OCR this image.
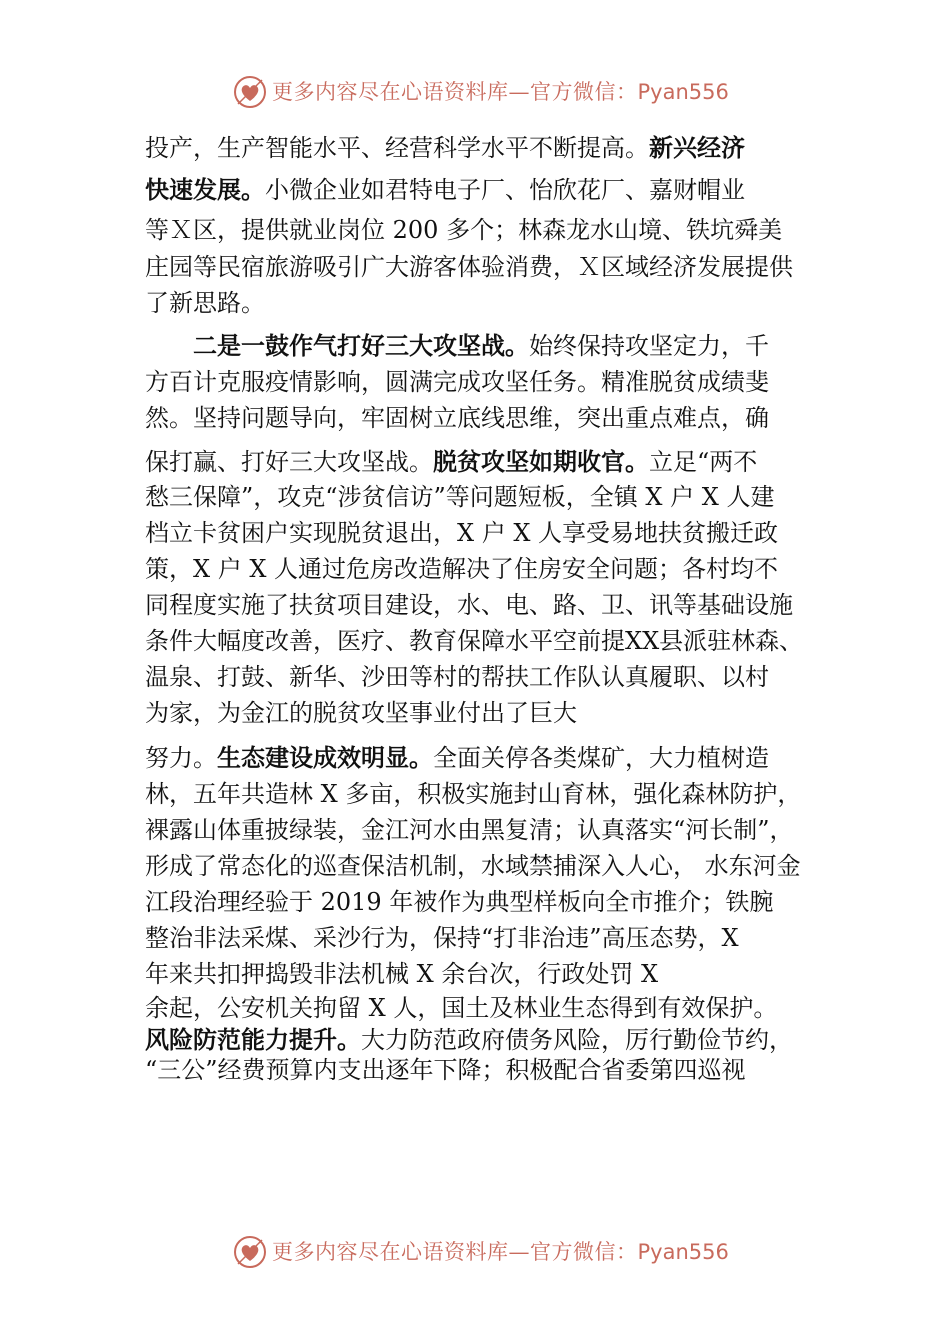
更多内容尽在心语资料库—官方微信：Pyan556
投产，生产智能水平、经营科学水平不断提高。新兴经济
快速发展。小微企业如君特电子厂、怡欣花厂、嘉财帽业
等Ｘ区，提供就业岗位 200 多个；林森龙水山境、铁坑舜美
庄园等民宿旅游吸引广大游客体验消费，Ｘ区域经济发展提供
了新思路。
　　二是一鼓作气打好三大攻坚战。始终保持攻坚定力，千
方百计克服疫情影响，圆满完成攻坚任务。精准脱贫成绩斐
然。坚持问题导向，牢固树立底线思维，突出重点难点，确
保打赢、打好三大攻坚战。脱贫攻坚如期收官。立足“两不
愁三保障”，攻克“涉贫信访”等问题短板，全镇 X 户 X 人建
档立卡贫困户实现脱贫退出，X 户 X 人享受易地扶贫搬迁政
策，X 户 X 人通过危房改造解决了住房安全问题；各村均不
同程度实施了扶贫项目建设，水、电、路、卫、讯等基础设施
条件大幅度改善，医疗、教育保障水平空前提XX县派驻林森、
温泉、打鼓、新华、沙田等村的帮扶工作队认真履职、以村
为家，为金江的脱贫攻坚事业付出了巨大
努力。生态建设成效明显。全面关停各类煤矿，大力植树造
林，五年共造林 X 多亩，积极实施封山育林，强化森林防护，
裸露山体重披绿装，金江河水由黑复清；认真落实“河长制”，
形成了常态化的巡查保洁机制，水域禁捕深入人心， 水东河金
江段治理经验于 2019 年被作为典型样板向全市推介；铁腕
整治非法采煤、采沙行为，保持“打非治违”高压态势，X
年来共扣押捣毁非法机械 X 余台次，行政处罚 X
余起，公安机关拘留 X 人，国土及林业生态得到有效保护。
风险防范能力提升。大力防范政府债务风险，厉行勤俭节约，
“三公”经费预算内支出逐年下降；积极配合省委第四巡视
更多内容尽在心语资料库—官方微信：Pyan556
